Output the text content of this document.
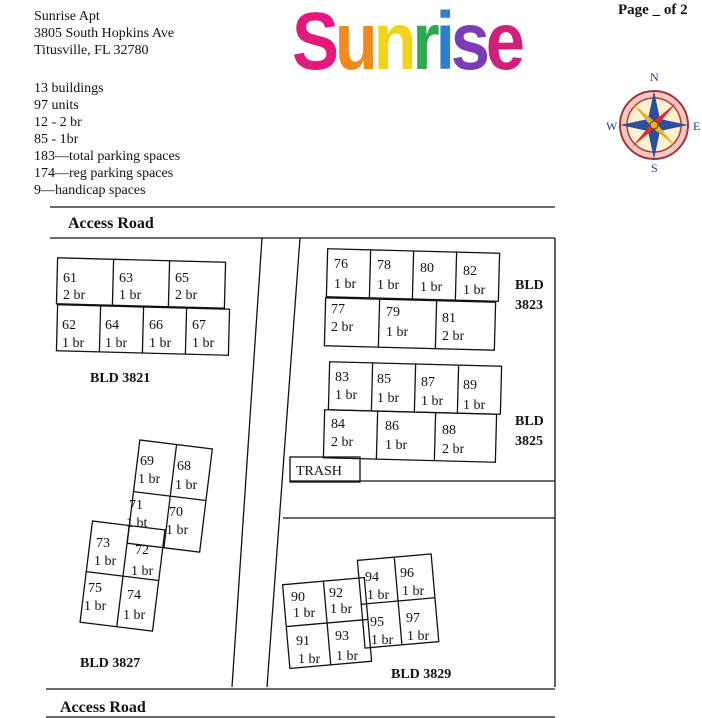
Sunrise Apt
3805 South Hopkins Ave
Titusville, FL 32780
13 buildings
97 units
12 - 2 br
85 - 1br
183—total parking spaces
174—reg parking spaces
9—handicap spaces
Sunrise	Page _ of 2
N
S
W	E
Access Road
Access Road
TRASH
61
2 br
63
1 br
65
2 br
62
1 br
64
1 br
66
1 br
67
1 br
BLD 3821
76
1 br
78
1 br
80
1 br
82
1 br
77
2 br
79
1 br
81
2 br
BLD
3823
83
1 br
85
1 br
87
1 br
89
1 br
84
2 br
86
1 br
88
2 br
BLD
3825
69
1 br
68
1 br
71
1 bt
70
1 br
73
1 br
72
1 br
75
1 br
74
1 br
BLD 3827
90
1 br
92
1 br
91
1 br
93
1 br
94
1 br
96
1 br
95
1 br
97
1 br
BLD 3829
